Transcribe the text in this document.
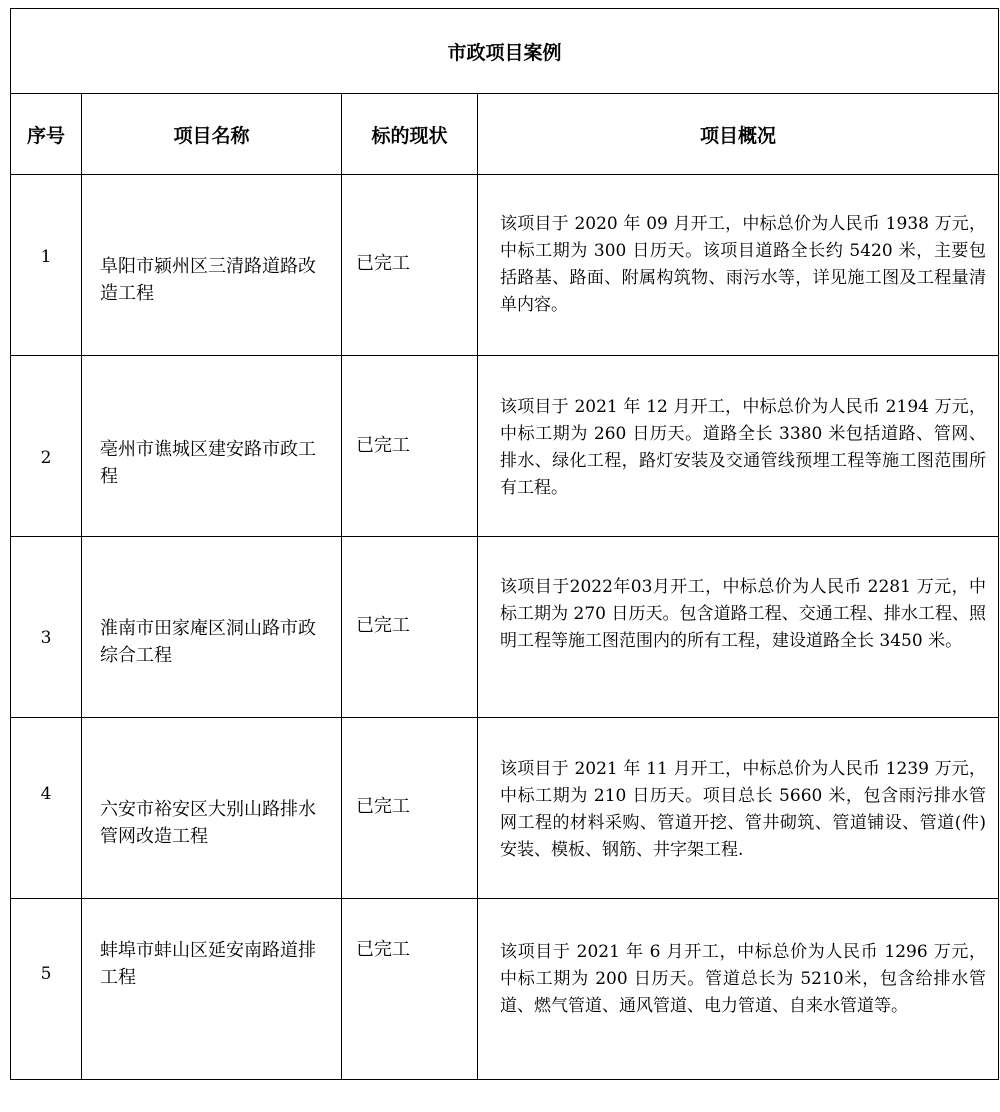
市政项目案例			
序号	项目名称	标的现状	项目概况

1	阜阳市颍州区三清路道路改造工程	已完工	该项目于 2020 年 09 月开工，中标总价为人民币 1938 万元，中标工期为 300 日历天。该项目道路全长约 5420 米，主要包括路基、路面、附属构筑物、雨污水等，详见施工图及工程量清单内容。

2	亳州市谯城区建安路市政工程	已完工	该项目于 2021 年 12 月开工，中标总价为人民币 2194 万元，中标工期为 260 日历天。道路全长 3380 米包括道路、管网、排水、绿化工程，路灯安装及交通管线预埋工程等施工图范围所有工程。

3	淮南市田家庵区洞山路市政综合工程	已完工	该项目于2022年03月开工，中标总价为人民币 2281 万元，中标工期为 270 日历天。包含道路工程、交通工程、排水工程、照明工程等施工图范围内的所有工程，建设道路全长 3450 米。

4	六安市裕安区大别山路排水管网改造工程	已完工	该项目于 2021 年 11 月开工，中标总价为人民币 1239 万元，中标工期为 210 日历天。项目总长 5660 米，包含雨污排水管网工程的材料采购、管道开挖、管井砌筑、管道铺设、管道(件)安装、模板、钢筋、井字架工程.

5	蚌埠市蚌山区延安南路道排工程	已完工	该项目于 2021 年 6 月开工，中标总价为人民币 1296 万元，中标工期为 200 日历天。管道总长为 5210米，包含给排水管道、燃气管道、通风管道、电力管道、自来水管道等。
